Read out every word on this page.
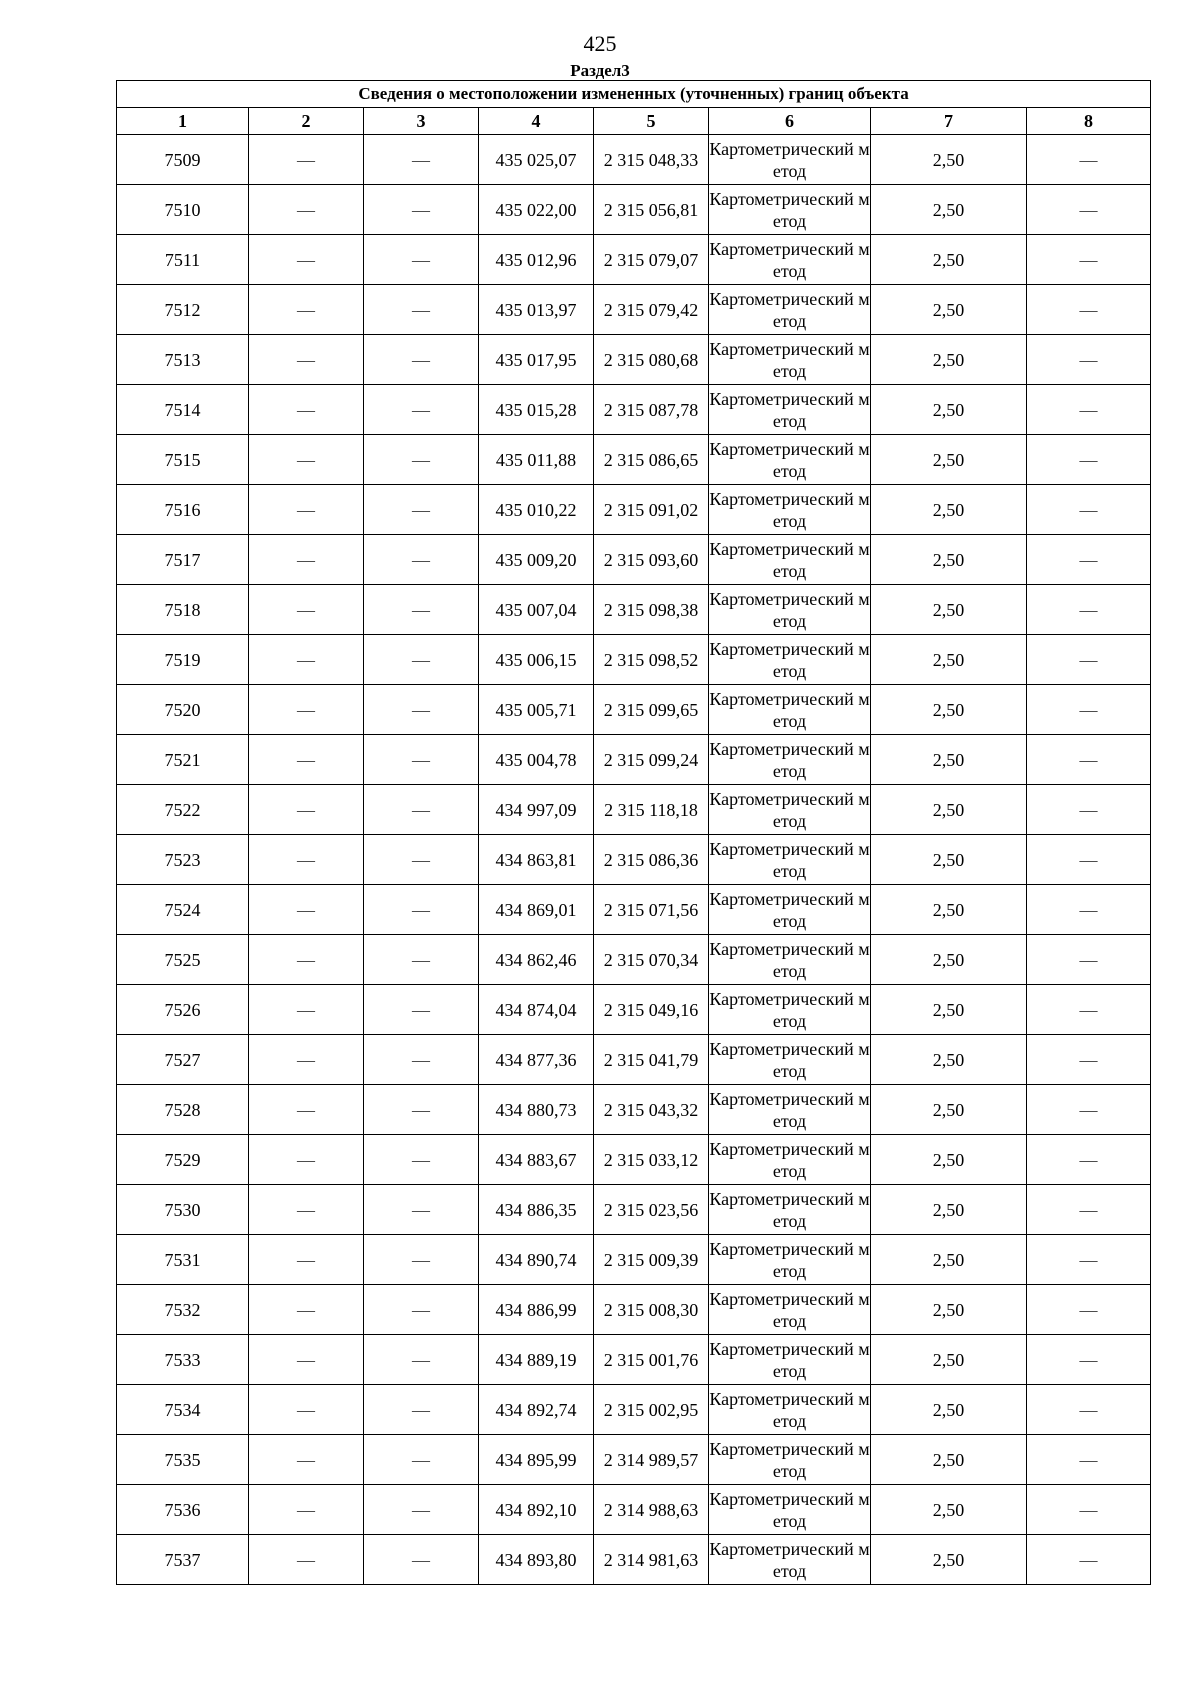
425
Раздел3
Сведения о местоположении измененных (уточненных) границ объекта							
1	2	3	4	5	6	7	8
7509	—	—	435 025,07	2 315 048,33	Картометрический метод	2,50	—
7510	—	—	435 022,00	2 315 056,81	Картометрический метод	2,50	—
7511	—	—	435 012,96	2 315 079,07	Картометрический метод	2,50	—
7512	—	—	435 013,97	2 315 079,42	Картометрический метод	2,50	—
7513	—	—	435 017,95	2 315 080,68	Картометрический метод	2,50	—
7514	—	—	435 015,28	2 315 087,78	Картометрический метод	2,50	—
7515	—	—	435 011,88	2 315 086,65	Картометрический метод	2,50	—
7516	—	—	435 010,22	2 315 091,02	Картометрический метод	2,50	—
7517	—	—	435 009,20	2 315 093,60	Картометрический метод	2,50	—
7518	—	—	435 007,04	2 315 098,38	Картометрический метод	2,50	—
7519	—	—	435 006,15	2 315 098,52	Картометрический метод	2,50	—
7520	—	—	435 005,71	2 315 099,65	Картометрический метод	2,50	—
7521	—	—	435 004,78	2 315 099,24	Картометрический метод	2,50	—
7522	—	—	434 997,09	2 315 118,18	Картометрический метод	2,50	—
7523	—	—	434 863,81	2 315 086,36	Картометрический метод	2,50	—
7524	—	—	434 869,01	2 315 071,56	Картометрический метод	2,50	—
7525	—	—	434 862,46	2 315 070,34	Картометрический метод	2,50	—
7526	—	—	434 874,04	2 315 049,16	Картометрический метод	2,50	—
7527	—	—	434 877,36	2 315 041,79	Картометрический метод	2,50	—
7528	—	—	434 880,73	2 315 043,32	Картометрический метод	2,50	—
7529	—	—	434 883,67	2 315 033,12	Картометрический метод	2,50	—
7530	—	—	434 886,35	2 315 023,56	Картометрический метод	2,50	—
7531	—	—	434 890,74	2 315 009,39	Картометрический метод	2,50	—
7532	—	—	434 886,99	2 315 008,30	Картометрический метод	2,50	—
7533	—	—	434 889,19	2 315 001,76	Картометрический метод	2,50	—
7534	—	—	434 892,74	2 315 002,95	Картометрический метод	2,50	—
7535	—	—	434 895,99	2 314 989,57	Картометрический метод	2,50	—
7536	—	—	434 892,10	2 314 988,63	Картометрический метод	2,50	—
7537	—	—	434 893,80	2 314 981,63	Картометрический метод	2,50	—
